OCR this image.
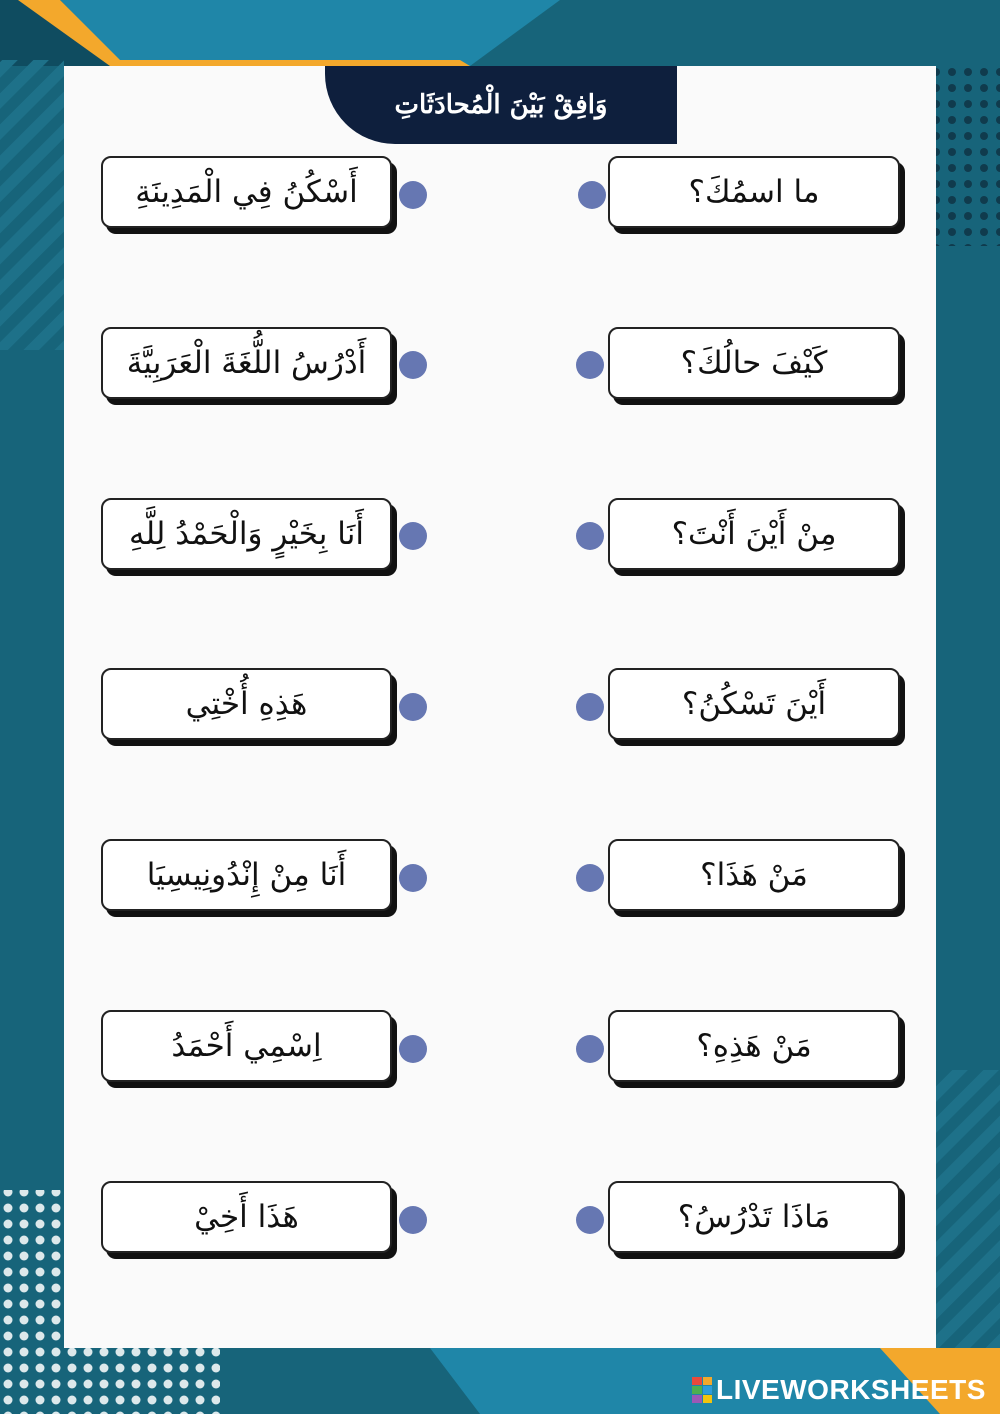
وَافِقْ بَيْنَ الْمُحادَثَاتِ
أَسْكُنُ فِي الْمَدِينَةِ
أَدْرُسُ اللُّغَةَ الْعَرَبِيَّةَ
أَنَا بِخَيْرٍ وَالْحَمْدُ لِلَّهِ
هَذِهِ أُخْتِي
أَنَا مِنْ إِنْدُونِيسِيَا
اِسْمِي أَحْمَدُ
هَذَا أَخِيْ
ما اسمُكَ؟
كَيْفَ حالُكَ؟
مِنْ أَيْنَ أَنْتَ؟
أَيْنَ تَسْكُنُ؟
مَنْ هَذَا؟
مَنْ هَذِهِ؟
مَاذَا تَدْرُسُ؟
LIVEWORKSHEETS
